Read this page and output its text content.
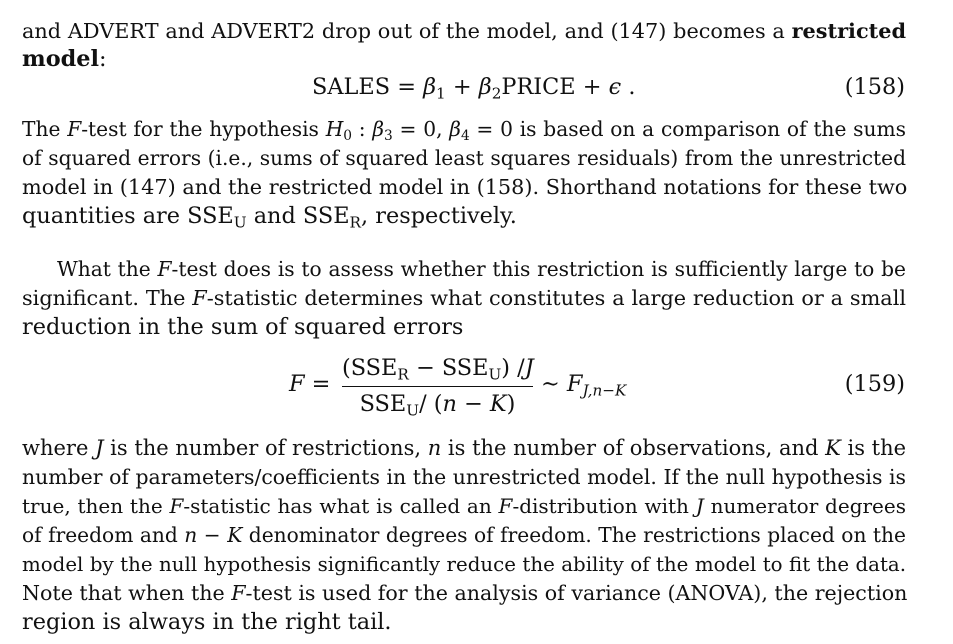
and ADVERT and ADVERT2 drop out of the model, and (147) becomes a restricted
model:
SALES = $\beta_1$ + $\beta_2PRICE + \epsilon$ .	(158)
The F-test for the hypothesis $H_0$ : $\beta_3 = 0$, $\beta_4 = 0$ is based on a comparison of the sums
of squared errors (i.e., sums of squared least squares residuals) from the unrestricted
model in (147) and the restricted model in (158). Shorthand notations for these two
quantities are $SSE_U$ and $SSE_R$, respectively.
What the F-test does is to assess whether this restriction is sufficiently large to be
significant. The F-statistic determines what constitutes a large reduction or a small
reduction in the sum of squared errors
F =
$(SSE_R - SSE_U)$ /J
$SSE_U/$ (n − K)
∼ $F_{J,n-K}$	(159)
where J is the number of restrictions, n is the number of observations, and K is the
number of parameters/coefficients in the unrestricted model. If the null hypothesis is
true, then the F-statistic has what is called an F-distribution with J numerator degrees
of freedom and n − K denominator degrees of freedom. The restrictions placed on the
model by the null hypothesis significantly reduce the ability of the model to fit the data.
Note that when the F-test is used for the analysis of variance (ANOVA), the rejection
region is always in the right tail.
